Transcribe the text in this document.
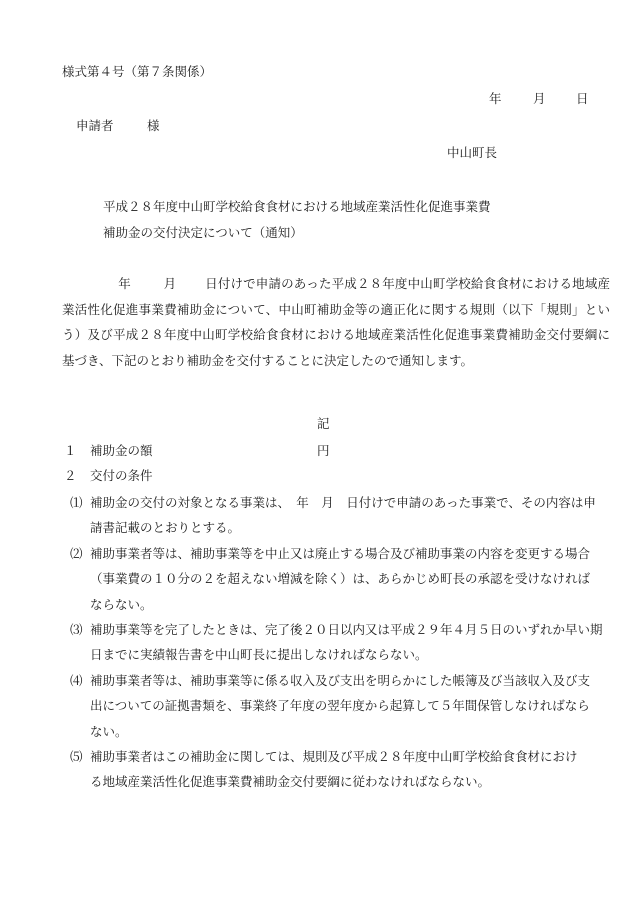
様式第４号（第７条関係）
年	月 日
申請者	様
中山町長
平成２８年度中山町学校給食食材における地域産業活性化促進事業費
補助金の交付決定について（通知）
年	月 日付けで申請のあった平成２８年度中山町学校給食食材における地域産業活性化促進事業費補助金について、中山町補助金等の適正化に関する規則（以下「規則」という）及び平成２８年度中山町学校給食食材における地域産業活性化促進事業費補助金交付要綱に基づき、下記のとおり補助金を交付することに決定したので通知します。
記
１ 補助金の額	円
２ 交付の条件
⑴ 補助金の交付の対象となる事業は、　年　月　日付けで申請のあった事業で、その内容は申請書記載のとおりとする。
⑵ 補助事業者等は、補助事業等を中止又は廃止する場合及び補助事業の内容を変更する場合（事業費の１０分の２を超えない増減を除く）は、あらかじめ町長の承認を受けなければならない。
⑶ 補助事業等を完了したときは、完了後２０日以内又は平成２９年４月５日のいずれか早い期日までに実績報告書を中山町長に提出しなければならない。
⑷ 補助事業者等は、補助事業等に係る収入及び支出を明らかにした帳簿及び当該収入及び支出についての証拠書類を、事業終了年度の翌年度から起算して５年間保管しなければならない。
⑸ 補助事業者はこの補助金に関しては、規則及び平成２８年度中山町学校給食食材における地域産業活性化促進事業費補助金交付要綱に従わなければならない。
